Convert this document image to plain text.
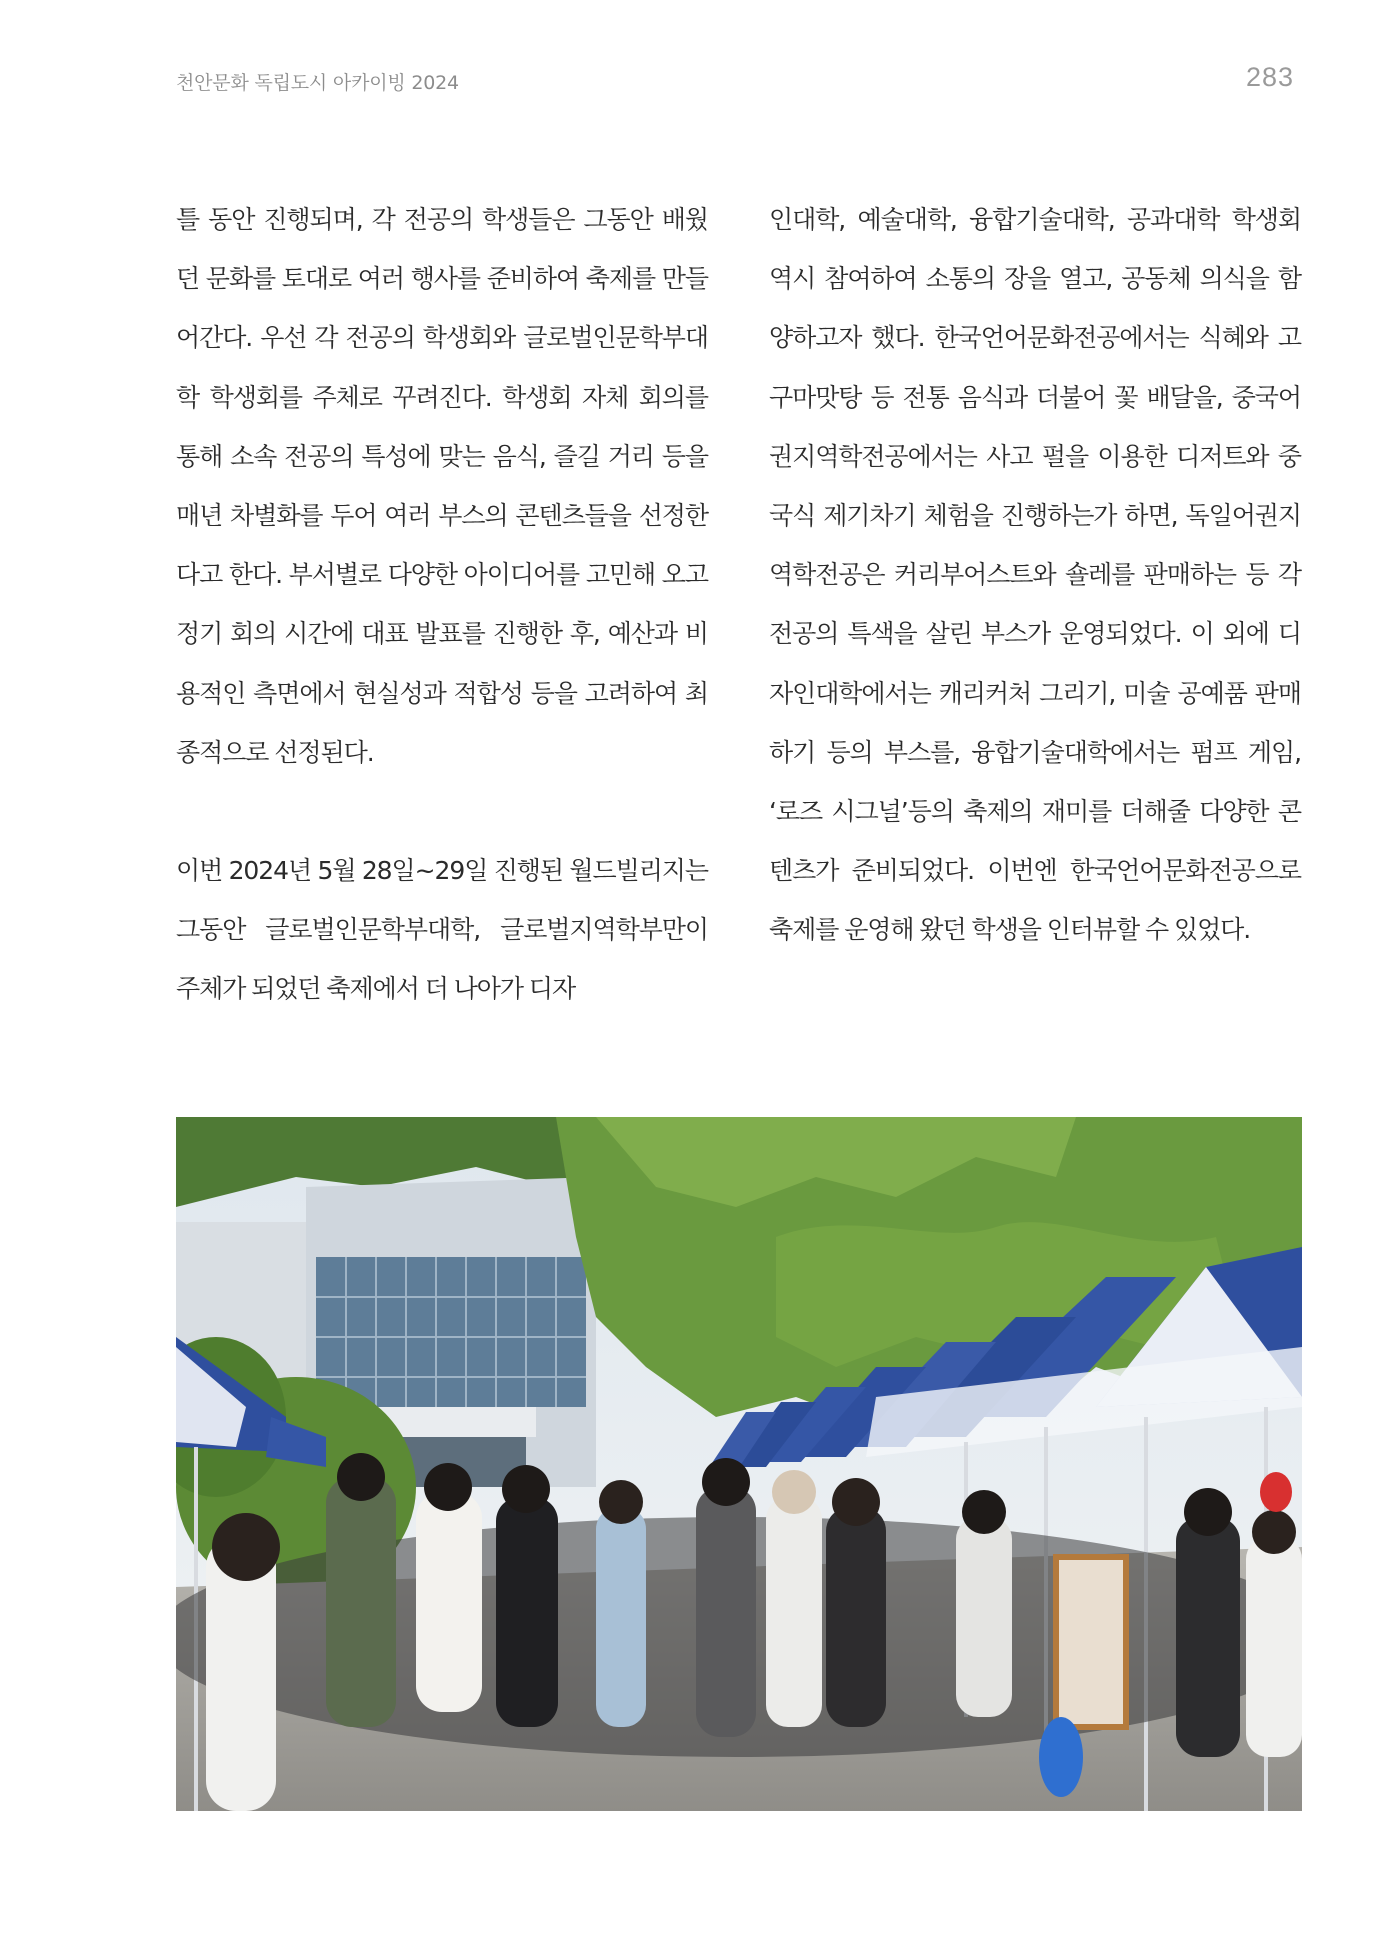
천안문화 독립도시 아카이빙 2024	283

틀 동안 진행되며, 각 전공의 학생들은 그동안 배웠던 문화를 토대로 여러 행사를 준비하여 축제를 만들어간다. 우선 각 전공의 학생회와 글로벌인문학부대학 학생회를 주체로 꾸려진다. 학생회 자체 회의를 통해 소속 전공의 특성에 맞는 음식, 즐길 거리 등을 매년 차별화를 두어 여러 부스의 콘텐츠들을 선정한다고 한다. 부서별로 다양한 아이디어를 고민해 오고 정기 회의 시간에 대표 발표를 진행한 후, 예산과 비용적인 측면에서 현실성과 적합성 등을 고려하여 최종적으로 선정된다.

이번 2024년 5월 28일~29일 진행된 월드빌리지는 그동안 글로벌인문학부대학, 글로벌지역학부만이 주체가 되었던 축제에서 더 나아가 디자

인대학, 예술대학, 융합기술대학, 공과대학 학생회 역시 참여하여 소통의 장을 열고, 공동체 의식을 함양하고자 했다. 한국언어문화전공에서는 식혜와 고구마맛탕 등 전통 음식과 더불어 꽃 배달을, 중국어권지역학전공에서는 사고 펄을 이용한 디저트와 중국식 제기차기 체험을 진행하는가 하면, 독일어권지역학전공은 커리부어스트와 숄레를 판매하는 등 각 전공의 특색을 살린 부스가 운영되었다. 이 외에 디자인대학에서는 캐리커처 그리기, 미술 공예품 판매하기 등의 부스를, 융합기술대학에서는 펌프 게임, ‘로즈 시그널’등의 축제의 재미를 더해줄 다양한 콘텐츠가 준비되었다. 이번엔 한국언어문화전공으로 축제를 운영해 왔던 학생을 인터뷰할 수 있었다.
